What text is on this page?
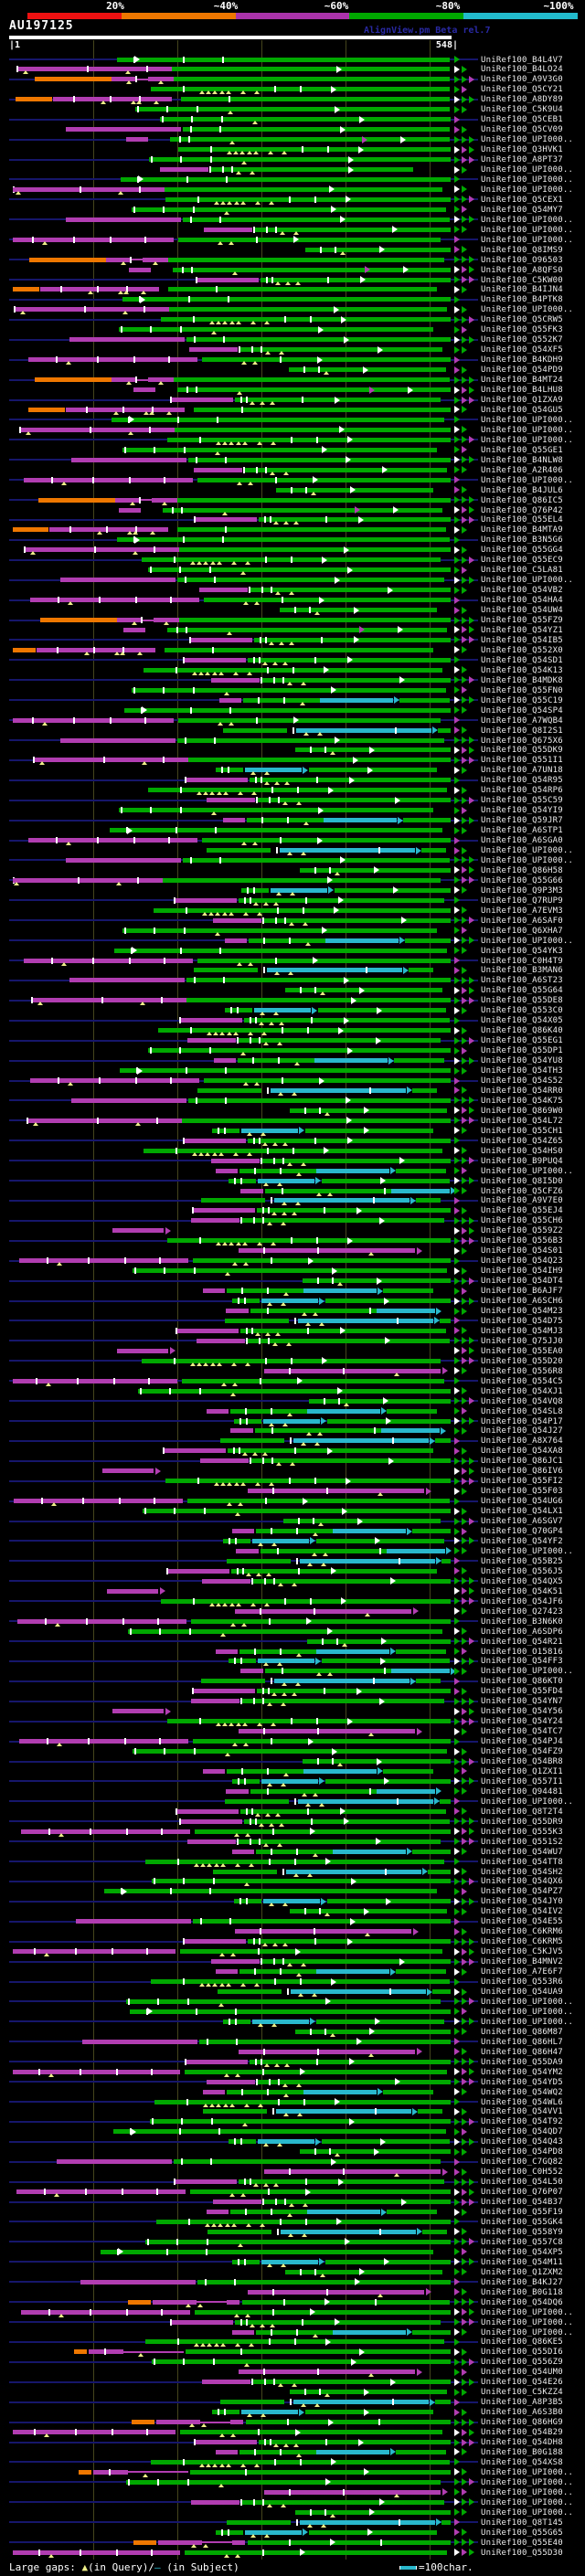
20%	~40%	~60%	~80%	~100%
AU197125	AlignView.pm Beta rel.7
|1	548|
UniRef100_B4L4V7
UniRef100_B4LO24
UniRef100_A9V3G0
UniRef100_Q5CY21
UniRef100_A8DY89
UniRef100_C5K9U4
UniRef100_Q5CEB1
UniRef100_Q5CV09
UniRef100_UPI000..
UniRef100_Q3HVK1
UniRef100_A8PT37
UniRef100_UPI000..
UniRef100_UPI000..
UniRef100_UPI000..
UniRef100_Q5CEX1
UniRef100_Q54MY7
UniRef100_UPI000..
UniRef100_UPI000..
UniRef100_UPI000..
UniRef100_Q8IMS9
UniRef100_O96503
UniRef100_A8QFS0
UniRef100_C5KW00
UniRef100_B4IJN4
UniRef100_B4PTK8
UniRef100_UPI000..
UniRef100_Q5CRW5
UniRef100_Q55FK3
UniRef100_Q552K7
UniRef100_Q54XF5
UniRef100_B4KDH9
UniRef100_Q54PD9
UniRef100_B4MT24
UniRef100_B4LHU8
UniRef100_Q1ZXA9
UniRef100_Q54GU5
UniRef100_UPI000..
UniRef100_UPI000..
UniRef100_UPI000..
UniRef100_Q55GE1
UniRef100_B4NLW8
UniRef100_A2R406
UniRef100_UPI000..
UniRef100_B4JUL6
UniRef100_Q86IC5
UniRef100_Q76P42
UniRef100_Q55EL4
UniRef100_B4MTA9
UniRef100_B3N5G6
UniRef100_Q55GG4
UniRef100_Q55EC9
UniRef100_C5LA81
UniRef100_UPI000..
UniRef100_Q54VB2
UniRef100_Q54HA4
UniRef100_Q54UW4
UniRef100_Q55FZ9
UniRef100_Q54YZ1
UniRef100_Q54IB5
UniRef100_Q552X0
UniRef100_Q54SD1
UniRef100_Q54K13
UniRef100_B4MDK8
UniRef100_Q55FN0
UniRef100_Q55C19
UniRef100_Q54SP4
UniRef100_A7WQB4
UniRef100_Q8I2S1
UniRef100_Q675X6
UniRef100_Q55DK9
UniRef100_Q551I1
UniRef100_A7UN18
UniRef100_Q54R95
UniRef100_Q54RP6
UniRef100_Q55C59
UniRef100_Q54YI9
UniRef100_Q59JR7
UniRef100_A6STP1
UniRef100_A6SGA0
UniRef100_UPI000..
UniRef100_UPI000..
UniRef100_Q86H58
UniRef100_Q55G66
UniRef100_Q9P3M3
UniRef100_Q7RUP9
UniRef100_A7EVM3
UniRef100_A6SAF0
UniRef100_Q6XHA7
UniRef100_UPI000..
UniRef100_Q54YK3
UniRef100_C0H4T9
UniRef100_B3MAN6
UniRef100_A6ST23
UniRef100_Q55G64
UniRef100_Q55DE8
UniRef100_Q553C0
UniRef100_Q54X05
UniRef100_Q86K40
UniRef100_Q55EG1
UniRef100_Q55DP1
UniRef100_Q54YU8
UniRef100_Q54TH3
UniRef100_Q54S52
UniRef100_Q54RR0
UniRef100_Q54K75
UniRef100_Q869W0
UniRef100_Q54L72
UniRef100_Q55CH1
UniRef100_Q54Z65
UniRef100_Q54HS0
UniRef100_B9PUQ4
UniRef100_UPI000..
UniRef100_Q8I5D0
UniRef100_Q5CFZ6
UniRef100_A9V7E0
UniRef100_Q55EJ4
UniRef100_Q55CH6
UniRef100_Q559Z2
UniRef100_Q556B3
UniRef100_Q54S01
UniRef100_Q54Q23
UniRef100_Q54IH9
UniRef100_Q54DT4
UniRef100_B6AJF7
UniRef100_A6SCH6
UniRef100_Q54M23
UniRef100_Q54D75
UniRef100_Q54MJ3
UniRef100_Q75JJ0
UniRef100_Q55EA0
UniRef100_Q55D20
UniRef100_Q556R8
UniRef100_Q554C5
UniRef100_Q54XJ1
UniRef100_Q54VQ8
UniRef100_Q54SL8
UniRef100_Q54P17
UniRef100_Q54J27
UniRef100_A8X764
UniRef100_Q54XA8
UniRef100_Q86JC1
UniRef100_Q86IV6
UniRef100_Q55FI2
UniRef100_Q55F03
UniRef100_Q54UG6
UniRef100_Q54LX1
UniRef100_A6SGV7
UniRef100_Q70GP4
UniRef100_Q54YF2
UniRef100_UPI000..
UniRef100_Q55B25
UniRef100_Q556J5
UniRef100_Q54QX5
UniRef100_Q54K51
UniRef100_Q54JF6
UniRef100_Q27423
UniRef100_B3N6K0
UniRef100_A6SDP6
UniRef100_Q54R21
UniRef100_O15816
UniRef100_Q54FF3
UniRef100_UPI000..
UniRef100_Q86KT0
UniRef100_Q55FD4
UniRef100_Q54YN7
UniRef100_Q54Y56
UniRef100_Q54Y24
UniRef100_Q54TC7
UniRef100_Q54PJ4
UniRef100_Q54FZ9
UniRef100_Q54BR8
UniRef100_Q1ZXI1
UniRef100_Q557I1
UniRef100_Q94481
UniRef100_UPI000..
UniRef100_Q8T2T4
UniRef100_Q55DR9
UniRef100_Q555K3
UniRef100_Q551S2
UniRef100_Q54WU7
UniRef100_Q54TT8
UniRef100_Q54SH2
UniRef100_Q54QX6
UniRef100_Q54PZ7
UniRef100_Q54JY0
UniRef100_Q54IV2
UniRef100_Q54E55
UniRef100_C6KRM6
UniRef100_C6KRM5
UniRef100_C5KJV5
UniRef100_B4MNV2
UniRef100_A7E6F7
UniRef100_Q553R6
UniRef100_Q54UA9
UniRef100_UPI000..
UniRef100_UPI000..
UniRef100_UPI000..
UniRef100_Q86M87
UniRef100_Q86HL7
UniRef100_Q86H47
UniRef100_Q55DA9
UniRef100_Q54YM2
UniRef100_Q54YD5
UniRef100_Q54WQ2
UniRef100_Q54WL6
UniRef100_Q54VV1
UniRef100_Q54T92
UniRef100_Q54QD7
UniRef100_Q54Q43
UniRef100_Q54PD8
UniRef100_C7GQ82
UniRef100_C0H552
UniRef100_Q54L50
UniRef100_Q76P07
UniRef100_Q54B37
UniRef100_Q55F19
UniRef100_Q55GK4
UniRef100_Q558Y9
UniRef100_Q557C8
UniRef100_Q54XP5
UniRef100_Q54M11
UniRef100_Q1ZXM2
UniRef100_B4KJ27
UniRef100_B0G118
UniRef100_Q54DQ6
UniRef100_UPI000..
UniRef100_UPI000..
UniRef100_UPI000..
UniRef100_Q86KE5
UniRef100_Q55DI6
UniRef100_Q556Z9
UniRef100_Q54UM0
UniRef100_Q54E26
UniRef100_C5KZZ4
UniRef100_A8P3B5
UniRef100_A6S3B0
UniRef100_Q86HG9
UniRef100_Q54B29
UniRef100_Q54DH8
UniRef100_B0G188
UniRef100_Q54XS8
UniRef100_UPI000..
UniRef100_UPI000..
UniRef100_UPI000..
UniRef100_UPI000..
UniRef100_UPI000..
UniRef100_Q8T145
UniRef100_Q55G65
UniRef100_Q55E40
UniRef100_Q55D30
Large gaps: ▲(in Query)/– (in Subject)	=100char.
